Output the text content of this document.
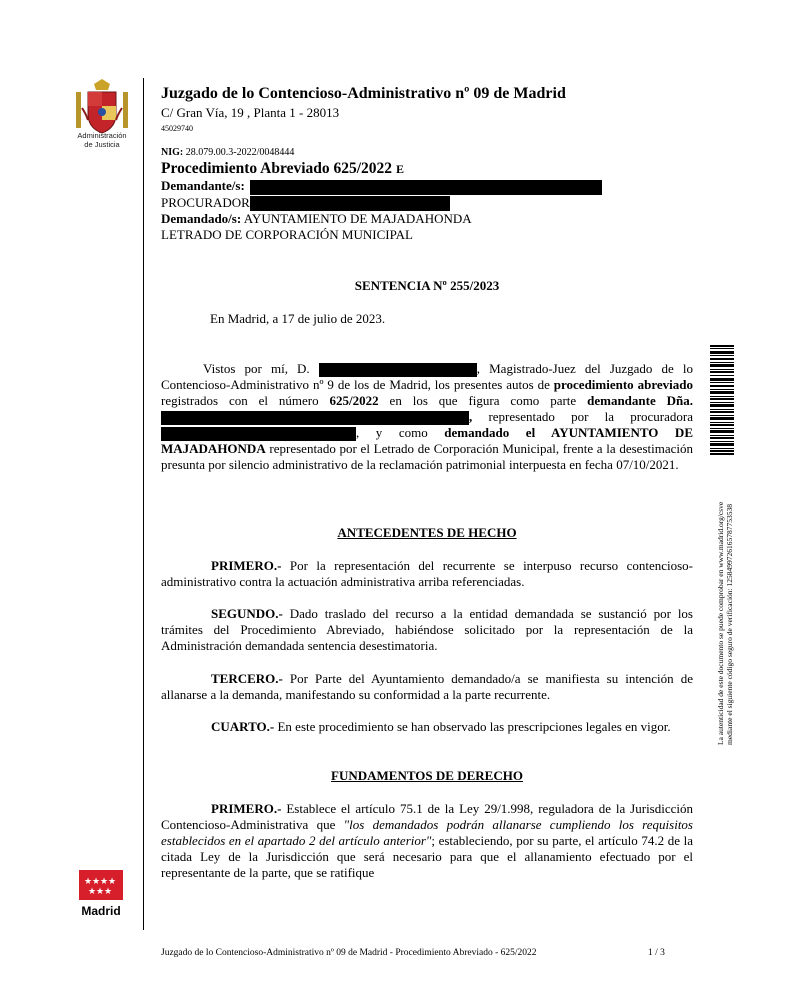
Administración
de Justicia
Juzgado de lo Contencioso-Administrativo nº 09 de Madrid
C/ Gran Vía, 19 , Planta 1 - 28013
45029740
NIG: 28.079.00.3-2022/0048444
Procedimiento Abreviado 625/2022 E
Demandante/s:
PROCURADOR
Demandado/s: AYUNTAMIENTO DE MAJADAHONDA
LETRADO DE CORPORACIÓN MUNICIPAL
SENTENCIA Nº 255/2023
En Madrid, a 17 de julio de 2023.
Vistos por mí, D.	, Magistrado-Juez del Juzgado de lo Contencioso-Administrativo nº 9 de los de Madrid, los presentes autos de procedimiento abreviado registrados con el número 625/2022 en los que figura como parte demandante Dña. , representado por la procuradora , y como demandado el AYUNTAMIENTO DE MAJADAHONDA representado por el Letrado de Corporación Municipal, frente a la desestimación presunta por silencio administrativo de la reclamación patrimonial interpuesta en fecha 07/10/2021.
ANTECEDENTES DE HECHO
PRIMERO.- Por la representación del recurrente se interpuso recurso contencioso-administrativo contra la actuación administrativa arriba referenciadas.
SEGUNDO.- Dado traslado del recurso a la entidad demandada se sustanció por los trámites del Procedimiento Abreviado, habiéndose solicitado por la representación de la Administración demandada sentencia desestimatoria.
TERCERO.- Por Parte del Ayuntamiento demandado/a se manifiesta su intención de allanarse a la demanda, manifestando su conformidad a la parte recurrente.
CUARTO.- En este procedimiento se han observado las prescripciones legales en vigor.
FUNDAMENTOS DE DERECHO
PRIMERO.- Establece el artículo 75.1 de la Ley 29/1.998, reguladora de la Jurisdicción Contencioso-Administrativa que "los demandados podrán allanarse cumpliendo los requisitos establecidos en el apartado 2 del artículo anterior"; estableciendo, por su parte, el artículo 74.2 de la citada Ley de la Jurisdicción que será necesario para que el allanamiento efectuado por el representante de la parte, que se ratifique
La autenticidad de este documento se puede comprobar en www.madrid.org/csve mediante el siguiente código seguro de verificación: 1258499726165787753538
★ ★ ★ ★
★ ★ ★
Madrid
Juzgado de lo Contencioso-Administrativo nº 09 de Madrid - Procedimiento Abreviado - 625/2022	1 / 3
